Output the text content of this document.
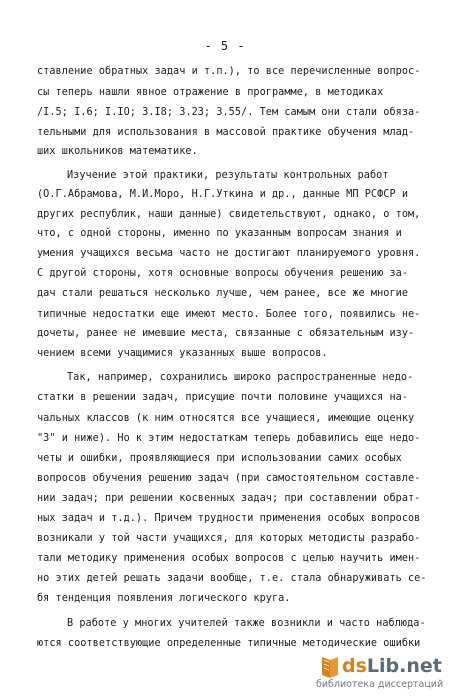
- 5 -
ставление обратных задач и т.п.), то все перечисленные вопрос-
сы теперь нашли явное отражение в программе, в методиках
/I.5; I.6; I.IO; 3.I8; 3.23; 3.55/. Тем самым они стали обяза-
тельными для использования в массовой практике обучения млад-
ших школьников математике.
Изучение этой практики, результаты контрольных работ
(О.Г.Абрамова, М.И.Моро, Н.Г.Уткина и др., данные МП РСФСР и
других республик, наши данные) свидетельствуют, однако, о том,
что, с одной стороны, именно по указанным вопросам знания и
умения учащихся весьма часто не достигают планируемого уровня.
С другой стороны, хотя основные вопросы обучения решению за-
дач стали решаться несколько лучше, чем ранее, все же многие
типичные недостатки еще имеют место. Более того, появились не-
дочеты, ранее не имевшие места, связанные с обязательным изу-
чением всеми учащимися указанных выше вопросов.
Так, например, сохранились широко распространенные недо-
статки в решении задач, присущие почти половине учащихся на-
чальных классов (к ним относятся все учащиеся, имеющие оценку
"3" и ниже). Но к этим недостаткам теперь добавились еще недо-
четы и ошибки, проявляющиеся при использовании самих особых
вопросов обучения решению задач (при самостоятельном составле-
нии задач; при решении косвенных задач; при составлении обрат-
ных задач и т.д.). Причем трудности применения особых вопросов
возникали у той части учащихся, для которых методисты разрабо-
тали методику применения особых вопросов с целью научить имен-
но этих детей решать задачи вообще, т.е. стала обнаруживать се-
бя тенденция появления логического круга.
В работе у многих учителей также возникли и часто наблюда-
ются соответствующие определенные типичные методические ошибки
dsLib.net
библиотека диссертаций
